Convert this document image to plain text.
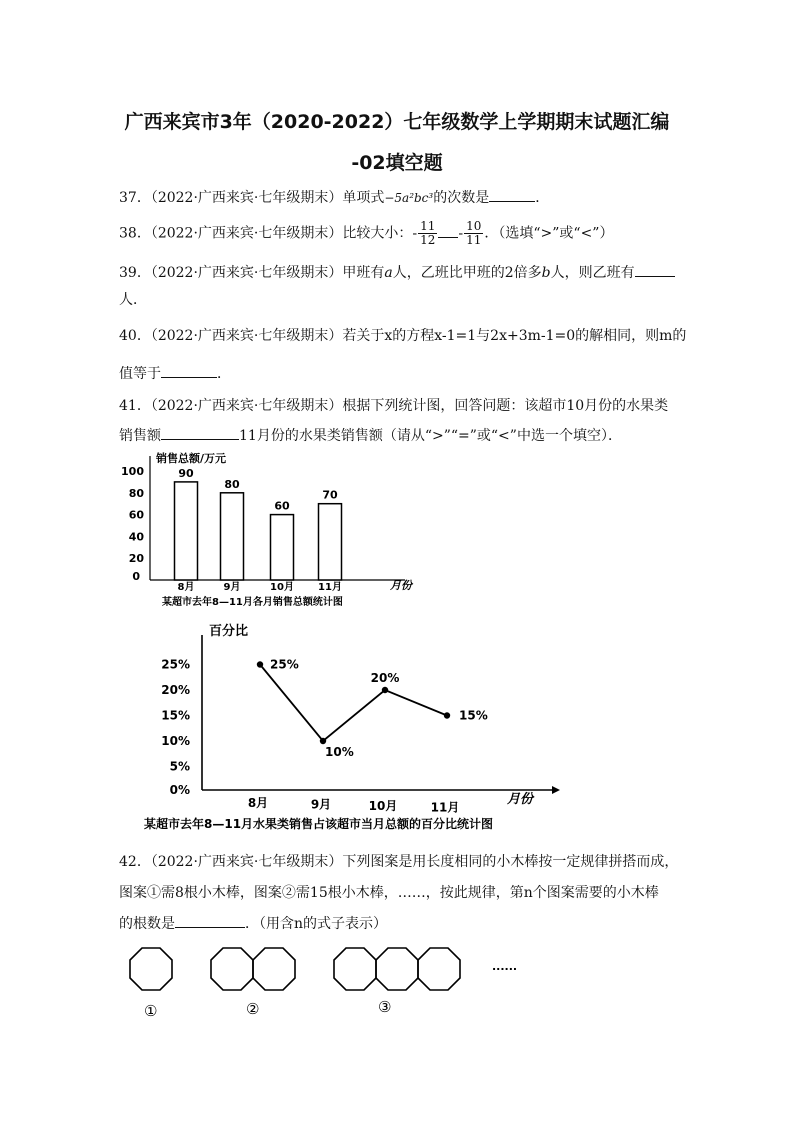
广西来宾市3年（2020-2022）七年级数学上学期期末试题汇编
-02填空题
37．（2022·广西来宾·七年级期末）单项式−5a²bc³的次数是	．
38．（2022·广西来宾·七年级期末）比较大小：- $\frac{11}{12} - \frac{10}{11}$ ．（选填“>”或“<”）
39．（2022·广西来宾·七年级期末）甲班有a人，乙班比甲班的2倍多b人，则乙班有
人．
40．（2022·广西来宾·七年级期末）若关于x的方程x-1=1与2x+3m-1=0的解相同，则m的
值等于	．
41．（2022·广西来宾·七年级期末）根据下列统计图，回答问题：该超市10月份的水果类
销售额	11月份的水果类销售额（请从“>”“=”或“<”中选一个填空）．
销售总额/万元
月份
某超市去年8—11月各月销售总额统计图
0
20
40
60
80
100	90
8月
80
9月
60
10月
70
11月
百分比
月份
某超市去年8—11月水果类销售占该超市当月总额的百分比统计图
0%
5%
10%
15%
20%
25%	25%
8月
10%
9月
20%
10月
15%
11月
42．（2022·广西来宾·七年级期末）下列图案是用长度相同的小木棒按一定规律拼搭而成，
图案①需8根小木棒，图案②需15根小木棒，……，按此规律，第n个图案需要的小木棒
的根数是	．（用含n的式子表示）
①	②	③
......
